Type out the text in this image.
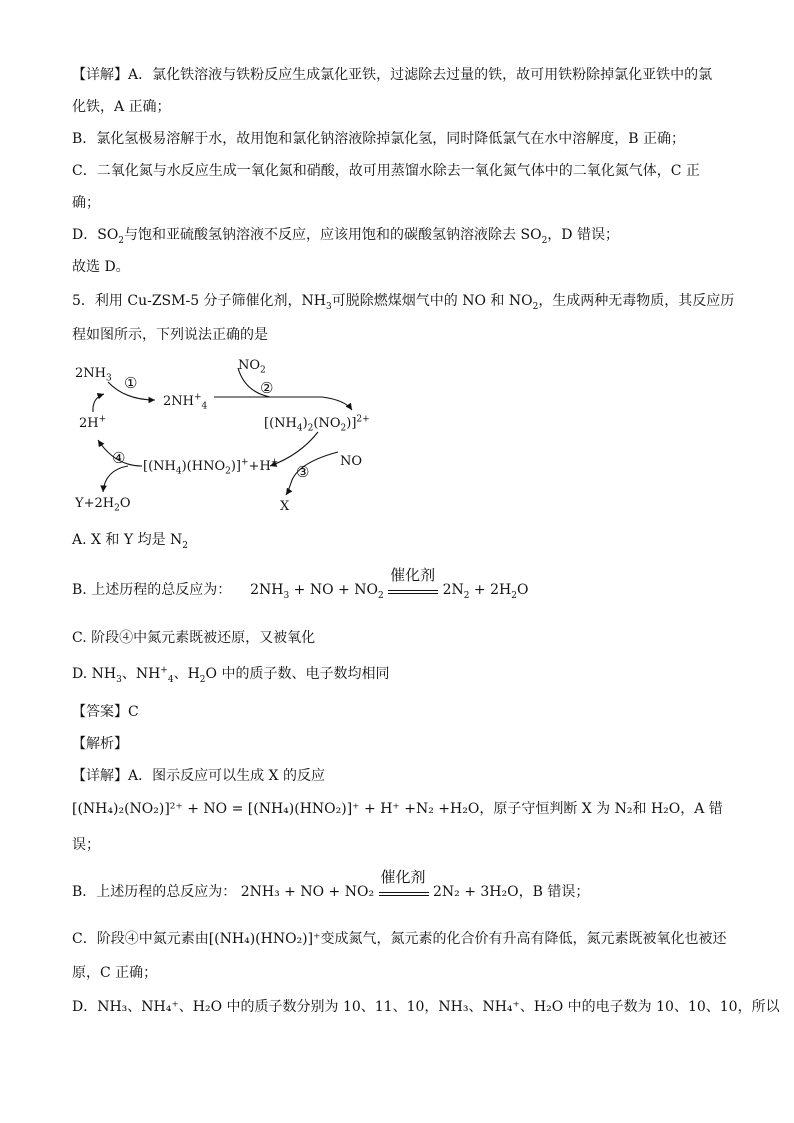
【详解】A．氯化铁溶液与铁粉反应生成氯化亚铁，过滤除去过量的铁，故可用铁粉除掉氯化亚铁中的氯
化铁，A 正确；
B．氯化氢极易溶解于水，故用饱和氯化钠溶液除掉氯化氢，同时降低氯气在水中溶解度，B 正确；
C．二氧化氮与水反应生成一氧化氮和硝酸，故可用蒸馏水除去一氧化氮气体中的二氧化氮气体，C 正
确；
D．$SO_2$与饱和亚硫酸氢钠溶液不反应，应该用饱和的碳酸氢钠溶液除去 $SO_2$，D 错误；
故选 D。
5．利用 Cu-ZSM-5 分子筛催化剂，$NH_3$可脱除燃煤烟气中的 NO 和 $NO_2$，生成两种无毒物质，其反应历
程如图所示，下列说法正确的是
$2NH_3$ ①
$2NH^+_4$
$NO_2$
②
$[(NH_4)_2(NO_2)]^{2+}$
NO
③
X
$[(NH_4)(HNO_2)]^++H^+$
④
2H+
$Y+2H_2O$
A. X 和 Y 均是 $N_2$
B. 上述历程的总反应为： $2NH_3$ + NO + $NO_2$
催化剂
$2N_2 + 2H_2O$
C. 阶段④中氮元素既被还原，又被氧化
D. $NH_3$、$NH^+_4$、$H_2O$ 中的质子数、电子数均相同
【答案】C
【解析】
【详解】A．图示反应可以生成 X 的反应
[(NH₄)₂(NO₂)]²⁺ + NO = [(NH₄)(HNO₂)]⁺ + H⁺ +N₂ +H₂O，原子守恒判断 X 为 N₂和 H₂O，A 错
误；
B．上述历程的总反应为： 2NH₃ + NO + NO₂
催化剂
2N₂ + 3H₂O，B 错误；
C．阶段④中氮元素由[(NH₄)(HNO₂)]⁺变成氮气，氮元素的化合价有升高有降低，氮元素既被氧化也被还
原，C 正确；
D．NH₃、NH₄⁺、H₂O 中的质子数分别为 10、11、10，NH₃、NH₄⁺、H₂O 中的电子数为 10、10、10，所以
